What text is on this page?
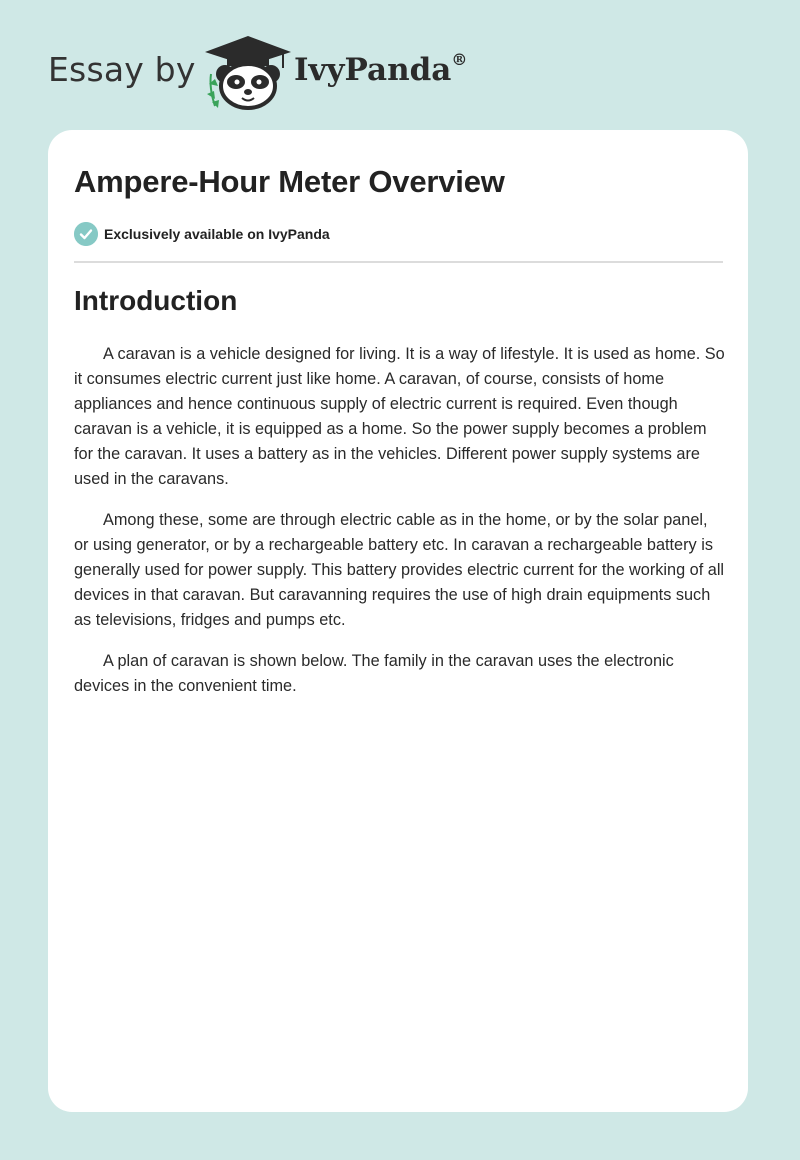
Essay by	IvyPanda®
Ampere-Hour Meter Overview
Exclusively available on IvyPanda
Introduction

A caravan is a vehicle designed for living. It is a way of lifestyle. It is used as home. So it consumes electric current just like home. A caravan, of course, consists of home appliances and hence continuous supply of electric current is required. Even though caravan is a vehicle, it is equipped as a home. So the power supply becomes a problem for the caravan. It uses a battery as in the vehicles. Different power supply systems are used in the caravans.

Among these, some are through electric cable as in the home, or by the solar panel, or using generator, or by a rechargeable battery etc. In caravan a rechargeable battery is generally used for power supply. This battery provides electric current for the working of all devices in that caravan. But caravanning requires the use of high drain equipments such as televisions, fridges and pumps etc.

A plan of caravan is shown below. The family in the caravan uses the electronic devices in the convenient time.
